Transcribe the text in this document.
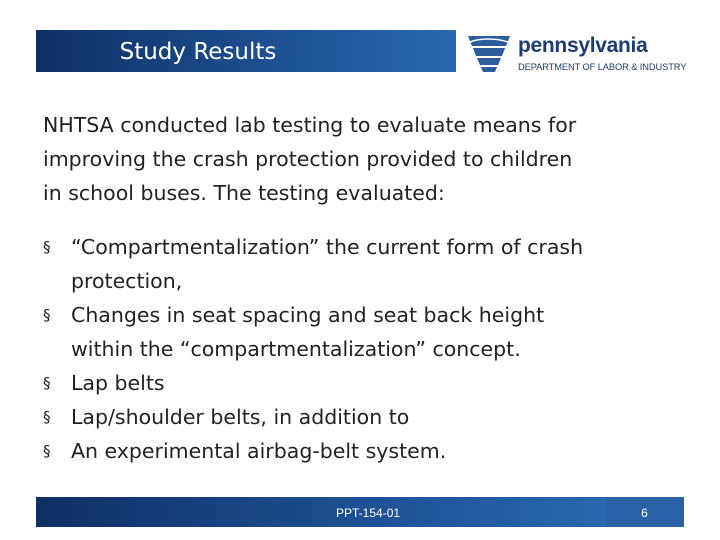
Study Results	pennsylvania
DEPARTMENT OF LABOR & INDUSTRY

NHTSA conducted lab testing to evaluate means for
improving the crash protection provided to children
in school buses. The testing evaluated:

§ “Compartmentalization” the current form of crash
protection,
§ Changes in seat spacing and seat back height
within the “compartmentalization” concept.
§ Lap belts
§ Lap/shoulder belts, in addition to
§ An experimental airbag-belt system.
PPT-154-01	6
